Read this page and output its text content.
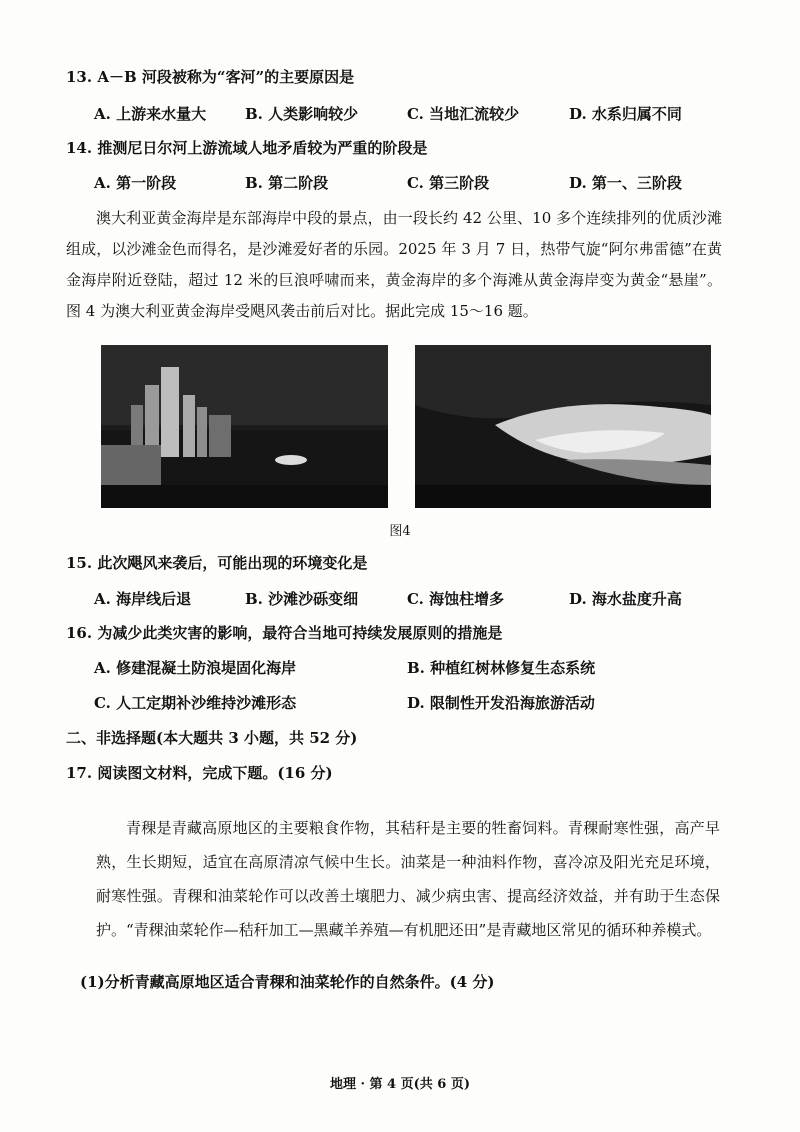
13. A－B 河段被称为“客河”的主要原因是
A. 上游来水量大	B. 人类影响较少	C. 当地汇流较少	D. 水系归属不同
14. 推测尼日尔河上游流域人地矛盾较为严重的阶段是
A. 第一阶段	B. 第二阶段	C. 第三阶段	D. 第一、三阶段

澳大利亚黄金海岸是东部海岸中段的景点，由一段长约 42 公里、10 多个连续排列的优质沙滩组成，以沙滩金色而得名，是沙滩爱好者的乐园。2025 年 3 月 7 日，热带气旋“阿尔弗雷德”在黄金海岸附近登陆，超过 12 米的巨浪呼啸而来，黄金海岸的多个海滩从黄金海岸变为黄金“悬崖”。图 4 为澳大利亚黄金海岸受飓风袭击前后对比。据此完成 15～16 题。

图4
15. 此次飓风来袭后，可能出现的环境变化是
A. 海岸线后退	B. 沙滩沙砾变细	C. 海蚀柱增多	D. 海水盐度升高
16. 为减少此类灾害的影响，最符合当地可持续发展原则的措施是
A. 修建混凝土防浪堤固化海岸	B. 种植红树林修复生态系统
C. 人工定期补沙维持沙滩形态	D. 限制性开发沿海旅游活动
二、非选择题(本大题共 3 小题，共 52 分)
17. 阅读图文材料，完成下题。(16 分)

青稞是青藏高原地区的主要粮食作物，其秸秆是主要的牲畜饲料。青稞耐寒性强，高产早熟，生长期短，适宜在高原清凉气候中生长。油菜是一种油料作物，喜冷凉及阳光充足环境，耐寒性强。青稞和油菜轮作可以改善土壤肥力、减少病虫害、提高经济效益，并有助于生态保护。“青稞油菜轮作—秸秆加工—黑藏羊养殖—有机肥还田”是青藏地区常见的循环种养模式。

(1)分析青藏高原地区适合青稞和油菜轮作的自然条件。(4 分)
地理 · 第 4 页(共 6 页)
